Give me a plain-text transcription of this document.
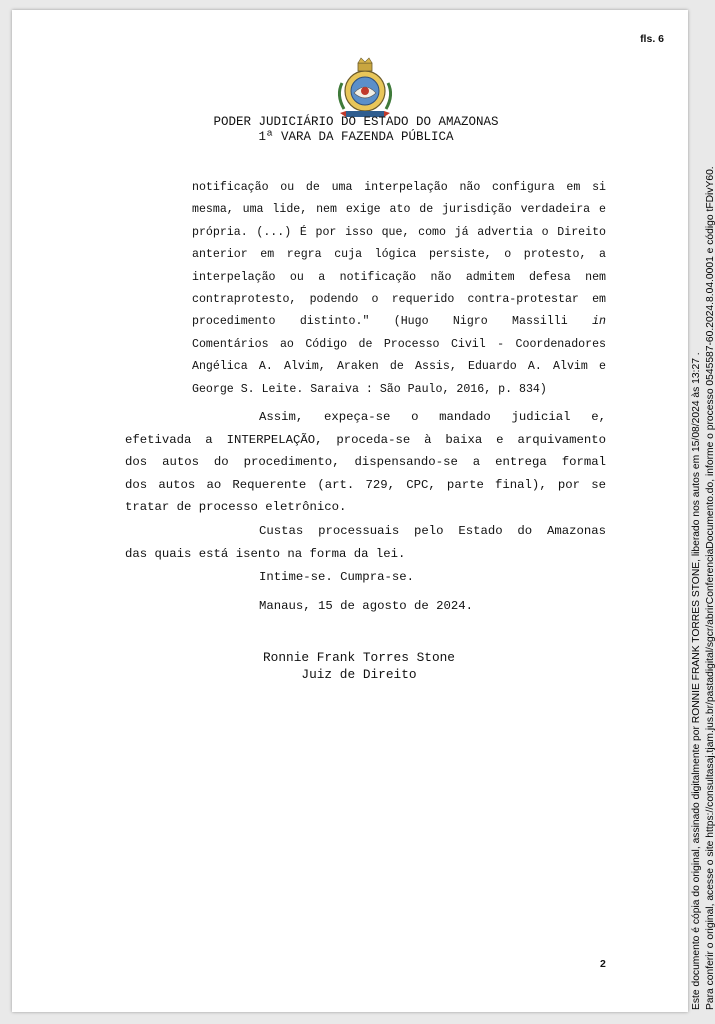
fls. 6
PODER JUDICIÁRIO DO ESTADO DO AMAZONAS
1ª VARA DA FAZENDA PÚBLICA
notificação ou de uma interpelação não configura em si
mesma, uma lide, nem exige ato de jurisdição verdadeira e
própria. (...) É por isso que, como já advertia o Direito
anterior em regra cuja lógica persiste, o protesto, a
interpelação ou a notificação não admitem defesa nem
contraprotesto, podendo o requerido contra-protestar em
procedimento distinto." (Hugo Nigro Massilli in
Comentários ao Código de Processo Civil - Coordenadores
Angélica A. Alvim, Araken de Assis, Eduardo A. Alvim e
George S. Leite. Saraiva : São Paulo, 2016, p. 834)
Assim, expeça-se o mandado judicial e,
efetivada a INTERPELAÇÃO, proceda-se à baixa e arquivamento
dos autos do procedimento, dispensando-se a entrega formal
dos autos ao Requerente (art. 729, CPC, parte final), por se
tratar de processo eletrônico.
Custas processuais pelo Estado do Amazonas
das quais está isento na forma da lei.
Intime-se. Cumpra-se.
Manaus, 15 de agosto de 2024.
Ronnie Frank Torres Stone
Juiz de Direito
2	Este documento é cópia do original, assinado digitalmente por RONNIE FRANK TORRES STONE, liberado nos autos em 15/08/2024 às 13:27 . Para conferir o original, acesse o site https://consultasaj.tjam.jus.br/pastadigital/sgcr/abrirConferenciaDocumento.do, informe o processo 0545587-60.2024.8.04.0001 e código tFDivY60.
